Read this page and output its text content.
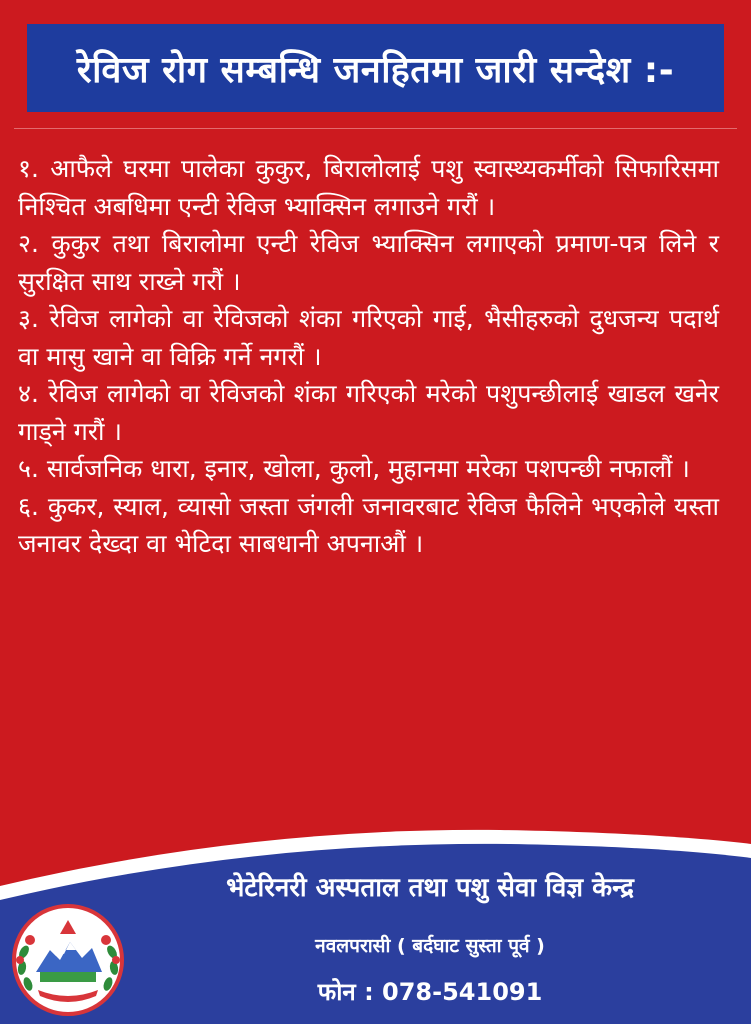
रेविज रोग सम्बन्धि जनहितमा जारी सन्देश :-

१. आफैले घरमा पालेका कुकुर, बिरालोलाई पशु स्वास्थ्यकर्मीको सिफारिसमा निश्चित अबधिमा एन्टी रेविज भ्याक्सिन लगाउने गरौं ।

२. कुकुर तथा बिरालोमा एन्टी रेविज भ्याक्सिन लगाएको प्रमाण-पत्र लिने र सुरक्षित साथ राख्ने गरौं ।

३. रेविज लागेको वा रेविजको शंका गरिएको गाई, भैसीहरुको दुधजन्य पदार्थ वा मासु खाने वा विक्रि गर्ने नगरौं ।

४. रेविज लागेको वा रेविजको शंका गरिएको मरेको पशुपन्छीलाई खाडल खनेर गाड्ने गरौं ।

५. सार्वजनिक धारा, इनार, खोला, कुलो, मुहानमा मरेका पशपन्छी नफालौं ।

६. कुकर, स्याल, व्यासो जस्ता जंगली जनावरबाट रेविज फैलिने भएकोले यस्ता जनावर देख्दा वा भेटिदा साबधानी अपनाऔं ।

भेटेरिनरी अस्पताल तथा पशु सेवा विज्ञ केन्द्र
नवलपरासी ( बर्दघाट सुस्ता पूर्व )
फोन : 078-541091
